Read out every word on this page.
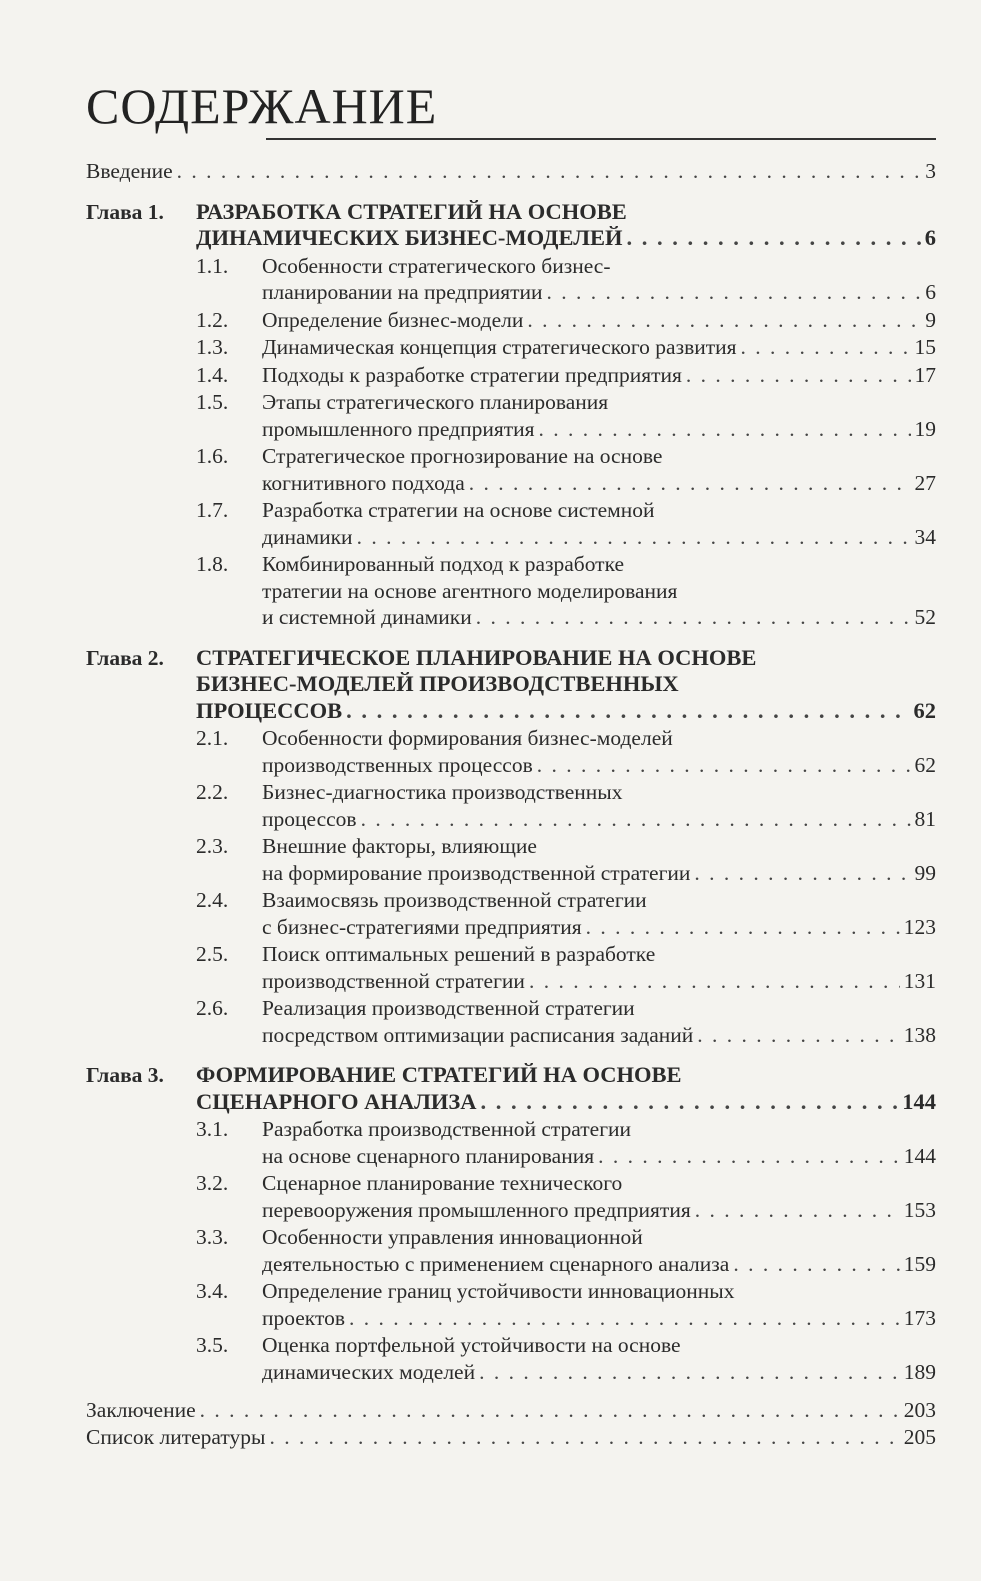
СОДЕРЖАНИЕ
Введение . . .	3
Глава 1.	РАЗРАБОТКА СТРАТЕГИЙ НА ОСНОВЕ
ДИНАМИЧЕСКИХ БИЗНЕС-МОДЕЛЕЙ . . .	6
1.1.	Особенности стратегического бизнес-
планировании на предприятии . . .	6
1.2.	Определение бизнес-модели . . .	9
1.3.	Динамическая концепция стратегического развития . . .	15
1.4.	Подходы к разработке стратегии предприятия . . .	17
1.5.	Этапы стратегического планирования
промышленного предприятия . . .	19
1.6.	Стратегическое прогнозирование на основе
когнитивного подхода . . .	27
1.7.	Разработка стратегии на основе системной
динамики . . .	34
1.8.	Комбинированный подход к разработке
тратегии на основе агентного моделирования
и системной динамики . . .	52
Глава 2.	СТРАТЕГИЧЕСКОЕ ПЛАНИРОВАНИЕ НА ОСНОВЕ
БИЗНЕС-МОДЕЛЕЙ ПРОИЗВОДСТВЕННЫХ
ПРОЦЕССОВ . . .	62
2.1.	Особенности формирования бизнес-моделей
производственных процессов . . .	62
2.2.	Бизнес-диагностика производственных
процессов . . .	81
2.3.	Внешние факторы, влияющие
на формирование производственной стратегии . . .	99
2.4.	Взаимосвязь производственной стратегии
с бизнес-стратегиями предприятия . . .	123
2.5.	Поиск оптимальных решений в разработке
производственной стратегии . . .	131
2.6.	Реализация производственной стратегии
посредством оптимизации расписания заданий . . .	138
Глава 3.	ФОРМИРОВАНИЕ СТРАТЕГИЙ НА ОСНОВЕ
СЦЕНАРНОГО АНАЛИЗА . . .	144
3.1.	Разработка производственной стратегии
на основе сценарного планирования . . .	144
3.2.	Сценарное планирование технического
перевооружения промышленного предприятия . . .	153
3.3.	Особенности управления инновационной
деятельностью с применением сценарного анализа . . .	159
3.4.	Определение границ устойчивости инновационных
проектов . . .	173
3.5.	Оценка портфельной устойчивости на основе
динамических моделей . . .	189
Заключение . . .	203
Список литературы . . .	205
